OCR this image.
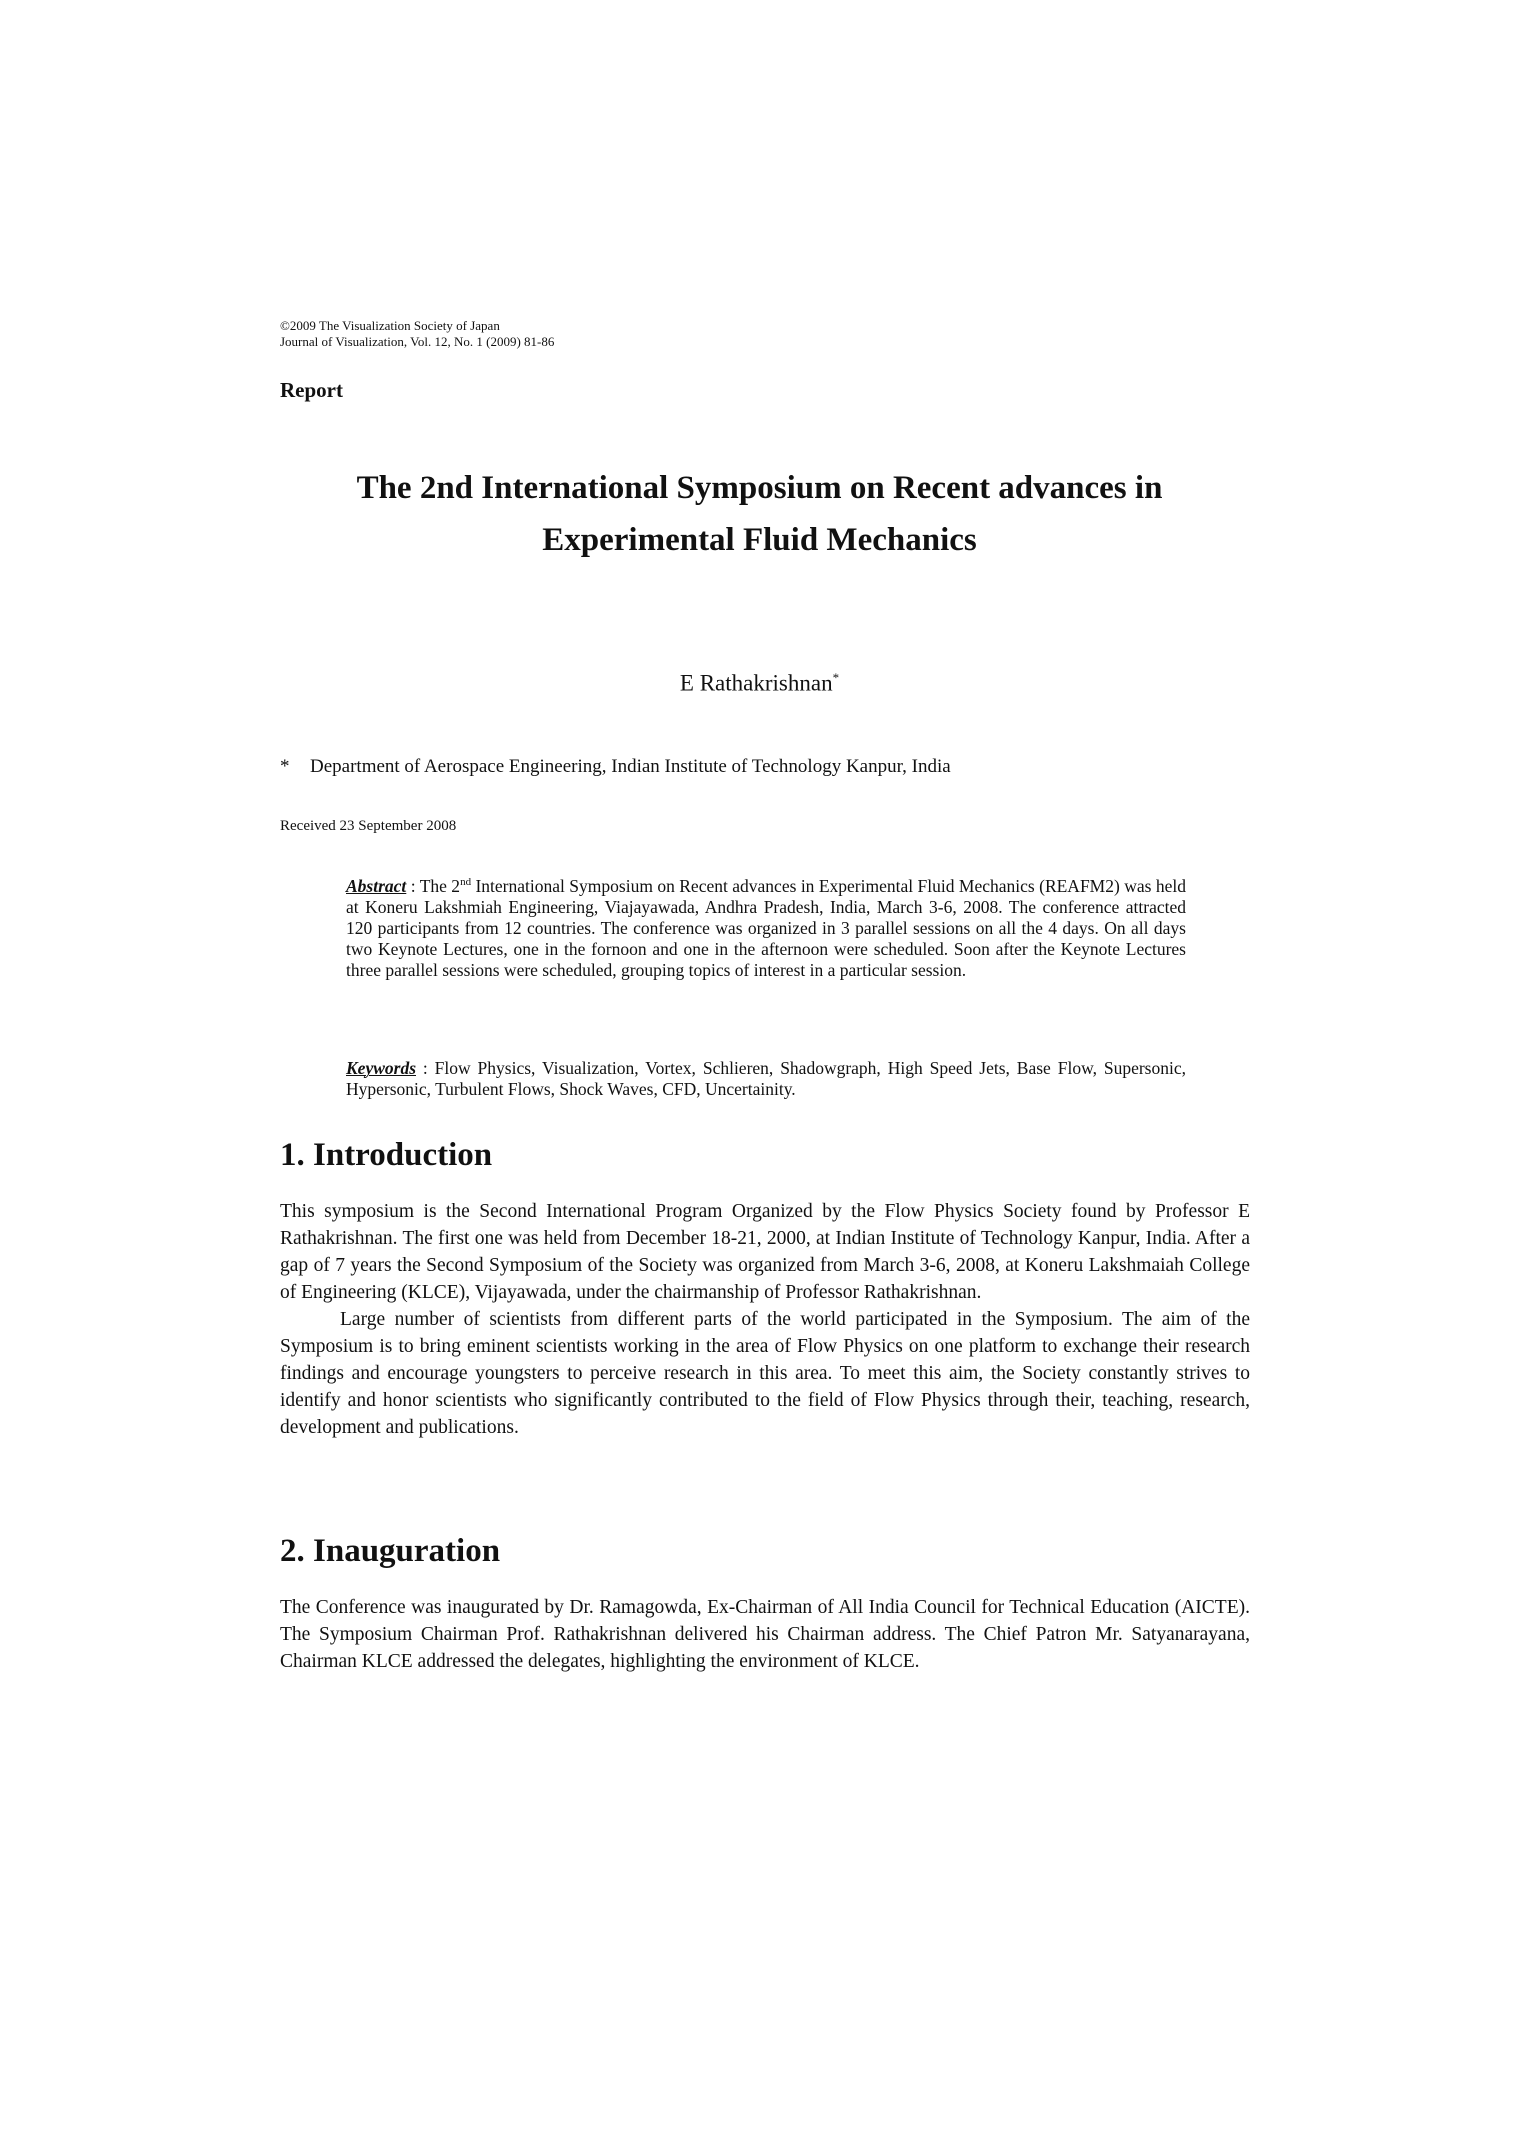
©2009 The Visualization Society of Japan
Journal of Visualization, Vol. 12, No. 1 (2009) 81-86
Report
The 2nd International Symposium on Recent advances in
Experimental Fluid Mechanics
E Rathakrishnan*
* Department of Aerospace Engineering, Indian Institute of Technology Kanpur, India
Received 23 September 2008
Abstract : The 2nd International Symposium on Recent advances in Experimental Fluid Mechanics (REAFM2) was held at Koneru Lakshmiah Engineering, Viajayawada, Andhra Pradesh, India, March 3-6, 2008. The conference attracted 120 participants from 12 countries. The conference was organized in 3 parallel sessions on all the 4 days. On all days two Keynote Lectures, one in the fornoon and one in the afternoon were scheduled. Soon after the Keynote Lectures three parallel sessions were scheduled, grouping topics of interest in a particular session.
Keywords : Flow Physics, Visualization, Vortex, Schlieren, Shadowgraph, High Speed Jets, Base Flow, Supersonic, Hypersonic, Turbulent Flows, Shock Waves, CFD, Uncertainity.
1. Introduction

This symposium is the Second International Program Organized by the Flow Physics Society found by Professor E Rathakrishnan. The first one was held from December 18-21, 2000, at Indian Institute of Technology Kanpur, India. After a gap of 7 years the Second Symposium of the Society was organized from March 3-6, 2008, at Koneru Lakshmaiah College of Engineering (KLCE), Vijayawada, under the chairmanship of Professor Rathakrishnan.

Large number of scientists from different parts of the world participated in the Symposium. The aim of the Symposium is to bring eminent scientists working in the area of Flow Physics on one platform to exchange their research findings and encourage youngsters to perceive research in this area. To meet this aim, the Society constantly strives to identify and honor scientists who significantly contributed to the field of Flow Physics through their, teaching, research, development and publications.

2. Inauguration

The Conference was inaugurated by Dr. Ramagowda, Ex-Chairman of All India Council for Technical Education (AICTE). The Symposium Chairman Prof. Rathakrishnan delivered his Chairman address. The Chief Patron Mr. Satyanarayana, Chairman KLCE addressed the delegates, highlighting the environment of KLCE.
